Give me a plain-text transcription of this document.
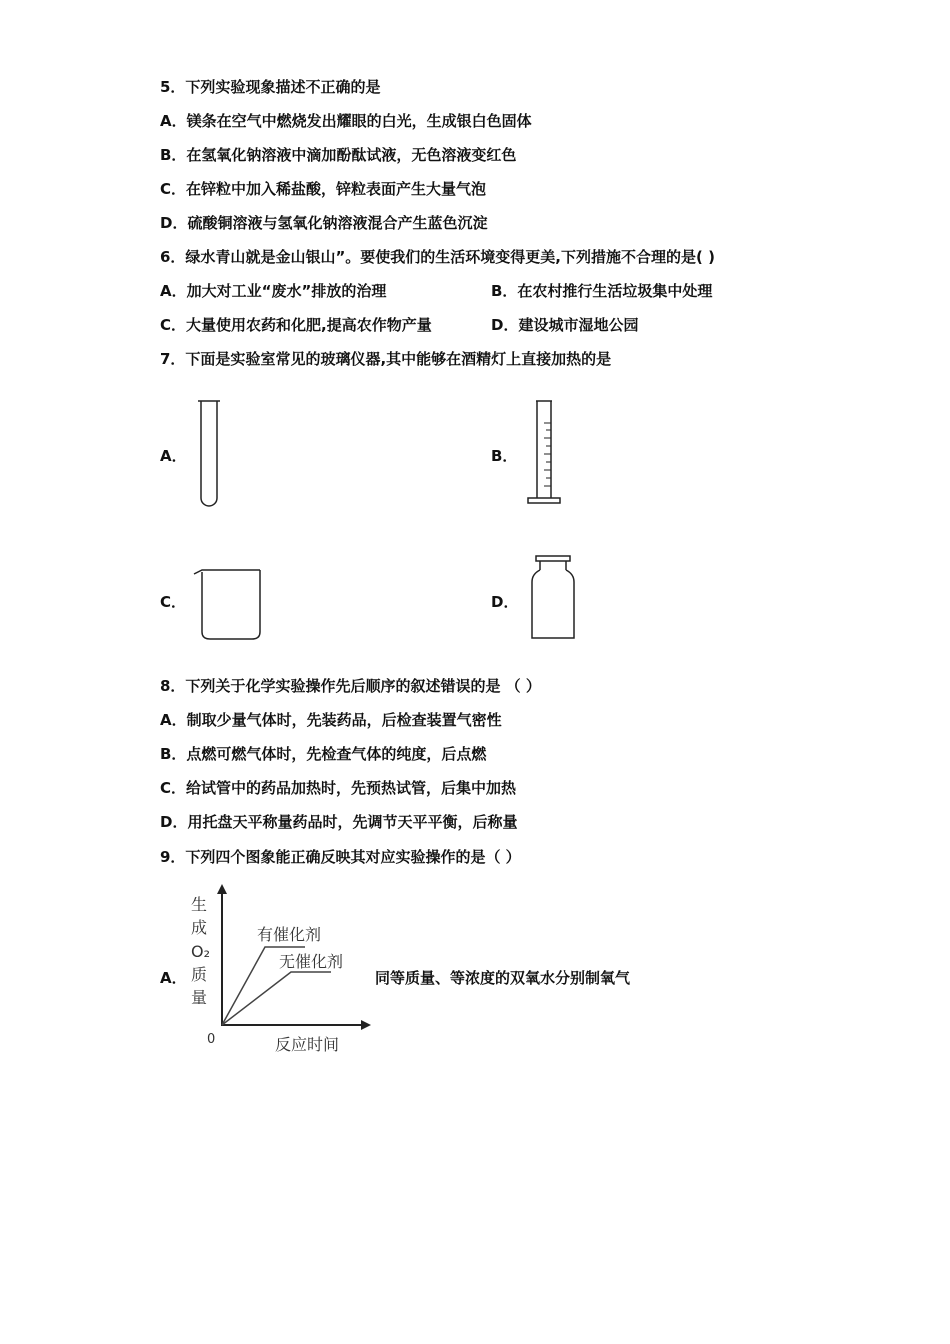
5．下列实验现象描述不正确的是
A．镁条在空气中燃烧发出耀眼的白光，生成银白色固体
B．在氢氧化钠溶液中滴加酚酞试液，无色溶液变红色
C．在锌粒中加入稀盐酸，锌粒表面产生大量气泡
D．硫酸铜溶液与氢氧化钠溶液混合产生蓝色沉淀
6．绿水青山就是金山银山”。要使我们的生活环境变得更美,下列措施不合理的是( )
A．加大对工业“废水”排放的治理	B．在农村推行生活垃圾集中处理
C．大量使用农药和化肥,提高农作物产量	D．建设城市湿地公园
7．下面是实验室常见的玻璃仪器,其中能够在酒精灯上直接加热的是
A．	B．
C．	D．
8．下列关于化学实验操作先后顺序的叙述错误的是 （ ）
A．制取少量气体时，先装药品，后检查装置气密性
B．点燃可燃气体时，先检查气体的纯度，后点燃
C．给试管中的药品加热时，先预热试管，后集中加热
D．用托盘天平称量药品时，先调节天平平衡，后称量
9．下列四个图象能正确反映其对应实验操作的是（ ）
A．
生
成
O₂
质
量
有催化剂
无催化剂
0	反应时间
同等质量、等浓度的双氧水分别制氧气
